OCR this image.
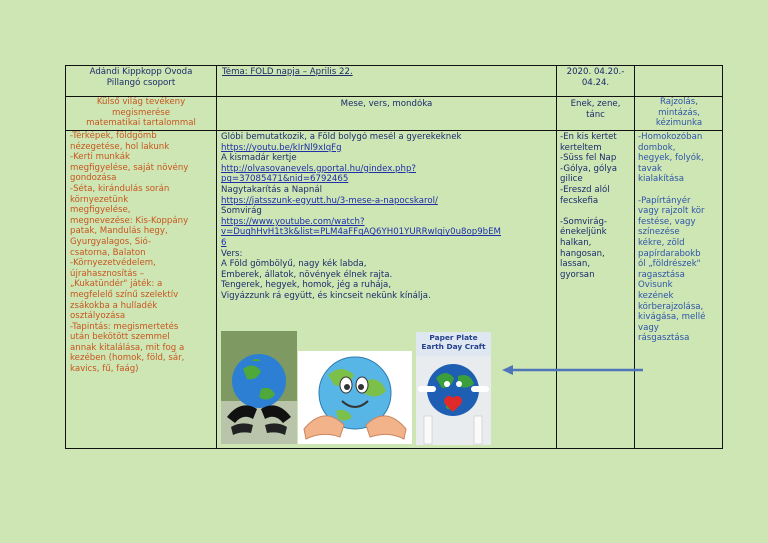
Adándi Kippkopp Óvoda
Pillangó csoport
Téma: FÖLD napja – Április 22.	2020. 04.20.-
04.24.
Külső világ tevékeny
megismerése
matematikai tartalommal
Mese, vers, mondóka	Ének, zene,
tánc
Rajzolás,
mintázás,
kézimunka
-Térképek, földgömb
nézegetése, hol lakunk
-Kerti munkák
megfigyelése, saját növény
gondozása
-Séta, kirándulás során
környezetünk
megfigyelése,
megnevezése: Kis-Koppány
patak, Mandulás hegy,
Gyurgyalagos, Sió-
csatorna, Balaton
-Környezetvédelem,
újrahasznosítás –
„Kukatündér" játék: a
megfelelő színű szelektív
zsákokba a hulladék
osztályozása
-Tapintás: megismertetés
után bekötött szemmel
annak kitalálása, mit fog a
kezében (homok, föld, sár,
kavics, fű, faág)
Glóbi bemutatkozik, a Föld bolygó mesél a gyerekeknek
https://youtu.be/kIrNl9xIqFg
A kismadár kertje
http://olvasovanevels.gportal.hu/gindex.php?
pg=37085471&nid=6792465
Nagytakarítás a Napnál
https://jatsszunk-egyutt.hu/3-mese-a-napocskarol/
Somvirág
https://www.youtube.com/watch?
v=DuqhHvH1t3k&list=PLM4aFFqAQ6YH01YURRwIqiy0u8op9bEM
6
Vers:
A Föld gömbölyű, nagy kék labda,
Emberek, állatok, növények élnek rajta.
Tengerek, hegyek, homok, jég a ruhája,
Vigyázzunk rá együtt, és kincseit nekünk kínálja.
-Én kis kertet
kerteltem
-Süss fel Nap
-Gólya, gólya
gilice
-Ereszd alól
fecskefia
-Somvirág-
énekeljünk
halkan,
hangosan,
lassan,
gyorsan
-Homokozóban
dombok,
hegyek, folyók,
tavak
kialakítása
-Papírtányér
vagy rajzolt kör
festése, vagy
színezése
kékre, zöld
papírdarabokb
ól „földrészek"
ragasztása
Ovisunk
kezének
körberajzolása,
kivágása, mellé
vagy
rásgasztása
Paper Plate
Earth Day Craft
